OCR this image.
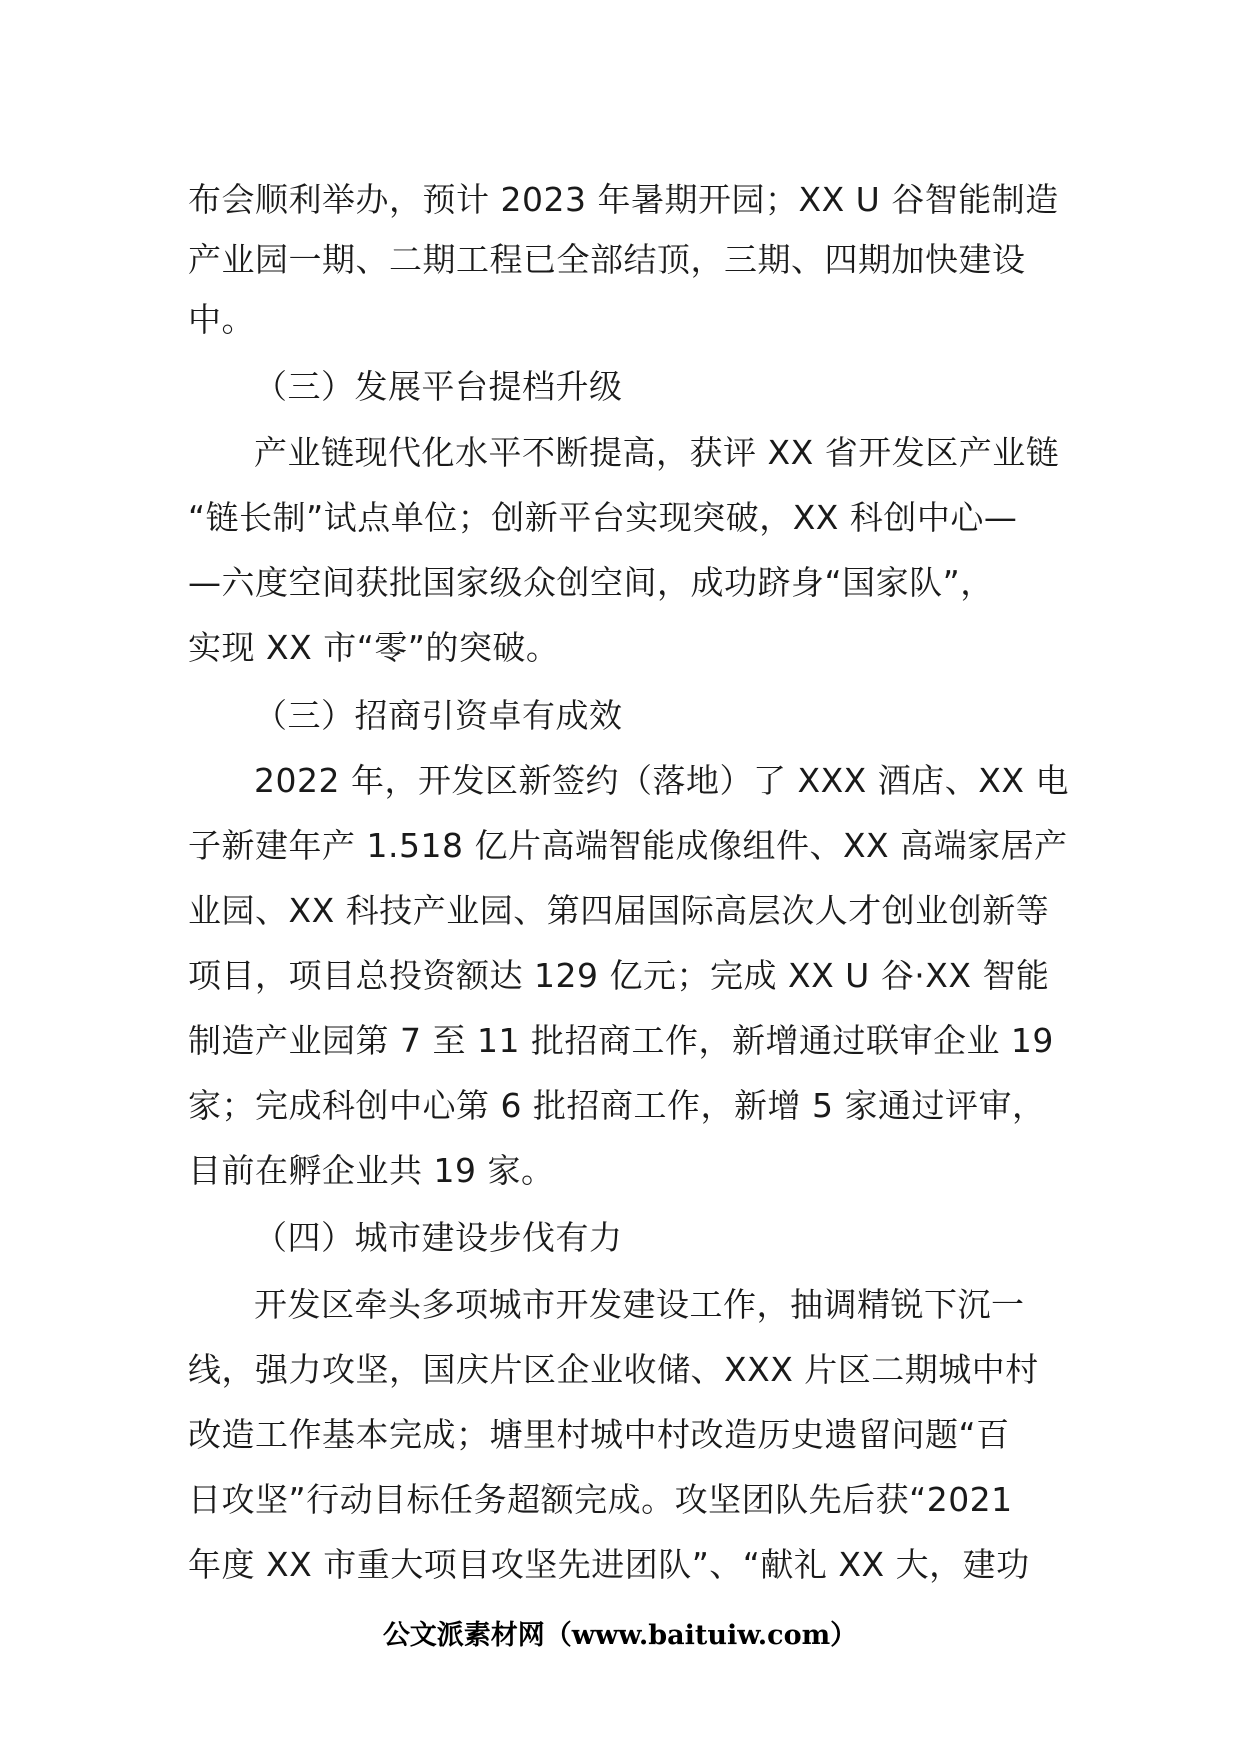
布会顺利举办，预计 2023 年暑期开园；XX U 谷智能制造
产业园一期、二期工程已全部结顶，三期、四期加快建设
中。
（三）发展平台提档升级
产业链现代化水平不断提高，获评 XX 省开发区产业链
“链长制”试点单位；创新平台实现突破，XX 科创中心—
—六度空间获批国家级众创空间，成功跻身“国家队”，
实现 XX 市“零”的突破。
（三）招商引资卓有成效
2022 年，开发区新签约（落地）了 XXX 酒店、XX 电
子新建年产 1.518 亿片高端智能成像组件、XX 高端家居产
业园、XX 科技产业园、第四届国际高层次人才创业创新等
项目，项目总投资额达 129 亿元；完成 XX U 谷·XX 智能
制造产业园第 7 至 11 批招商工作，新增通过联审企业 19
家；完成科创中心第 6 批招商工作，新增 5 家通过评审，
目前在孵企业共 19 家。
（四）城市建设步伐有力
开发区牵头多项城市开发建设工作，抽调精锐下沉一
线，强力攻坚，国庆片区企业收储、XXX 片区二期城中村
改造工作基本完成；塘里村城中村改造历史遗留问题“百
日攻坚”行动目标任务超额完成。攻坚团队先后获“2021
年度 XX 市重大项目攻坚先进团队”、“献礼 XX 大，建功
公文派素材网（www.baituiw.com）
